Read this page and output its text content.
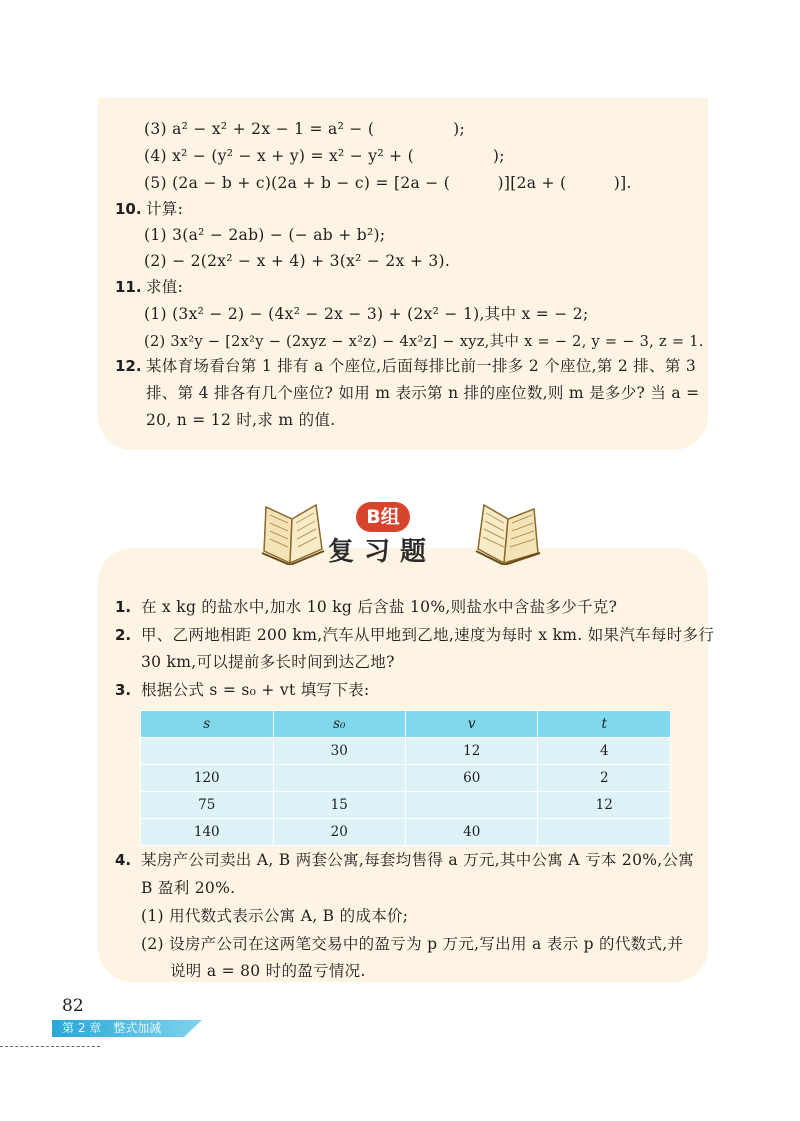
(3) a² − x² + 2x − 1 = a² − (　　　　　);
(4) x² − (y² − x + y) = x² − y² + (　　　　　);
(5) (2a − b + c)(2a + b − c) = [2a − (　　　)][2a + (　　　)].
10. 计算:
(1) 3(a² − 2ab) − (− ab + b²);
(2) − 2(2x² − x + 4) + 3(x² − 2x + 3).
11. 求值:
(1) (3x² − 2) − (4x² − 2x − 3) + (2x² − 1),其中 x = − 2;
(2) 3x²y − [2x²y − (2xyz − x²z) − 4x²z] − xyz,其中 x = − 2, y = − 3, z = 1.
12. 某体育场看台第 1 排有 a 个座位,后面每排比前一排多 2 个座位,第 2 排、第 3
排、第 4 排各有几个座位? 如用 m 表示第 n 排的座位数,则 m 是多少? 当 a =
20, n = 12 时,求 m 的值.
B组
复习题
1. 在 x kg 的盐水中,加水 10 kg 后含盐 10%,则盐水中含盐多少千克?
2. 甲、乙两地相距 200 km,汽车从甲地到乙地,速度为每时 x km. 如果汽车每时多行
30 km,可以提前多长时间到达乙地?
3. 根据公式 s = s₀ + vt 填写下表:
s	s₀	v	t
	30	12	4
120		60	2
75	15		12
140	20	40	
4. 某房产公司卖出 A, B 两套公寓,每套均售得 a 万元,其中公寓 A 亏本 20%,公寓
B 盈利 20%.
(1) 用代数式表示公寓 A, B 的成本价;
(2) 设房产公司在这两笔交易中的盈亏为 p 万元,写出用 a 表示 p 的代数式,并
说明 a = 80 时的盈亏情况.
82
第 2 章　整式加减
